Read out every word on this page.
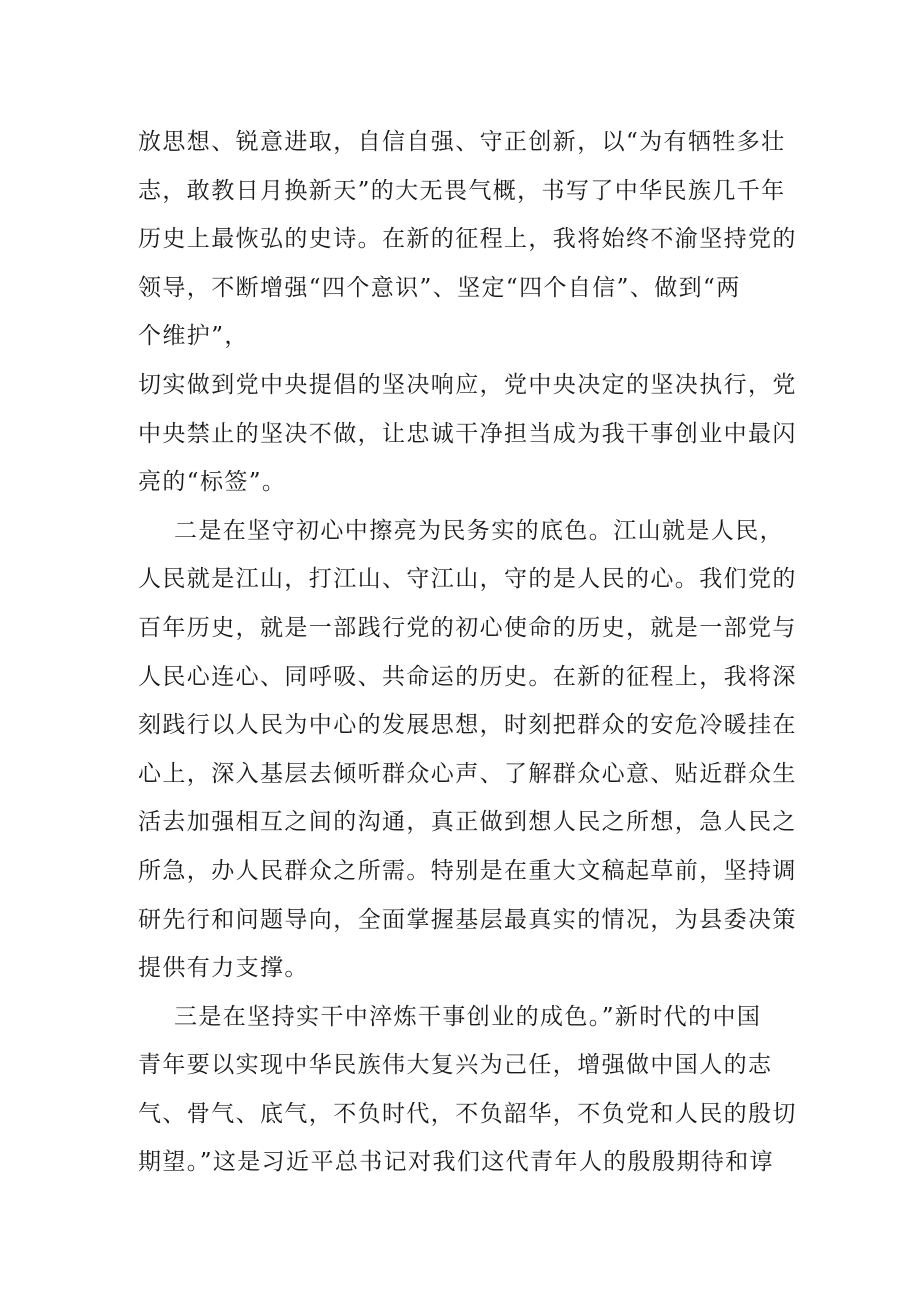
放思想、锐意进取，自信自强、守正创新，以“为有牺牲多壮
志，敢教日月换新天”的大无畏气概，书写了中华民族几千年
历史上最恢弘的史诗。在新的征程上，我将始终不渝坚持党的
领导，不断增强“四个意识”、坚定“四个自信”、做到“两
个维护”，
切实做到党中央提倡的坚决响应，党中央决定的坚决执行，党
中央禁止的坚决不做，让忠诚干净担当成为我干事创业中最闪
亮的“标签”。
二是在坚守初心中擦亮为民务实的底色。江山就是人民，
人民就是江山，打江山、守江山，守的是人民的心。我们党的
百年历史，就是一部践行党的初心使命的历史，就是一部党与
人民心连心、同呼吸、共命运的历史。在新的征程上，我将深
刻践行以人民为中心的发展思想，时刻把群众的安危冷暖挂在
心上，深入基层去倾听群众心声、了解群众心意、贴近群众生
活去加强相互之间的沟通，真正做到想人民之所想，急人民之
所急，办人民群众之所需。特别是在重大文稿起草前，坚持调
研先行和问题导向，全面掌握基层最真实的情况，为县委决策
提供有力支撑。
三是在坚持实干中淬炼干事创业的成色。”新时代的中国
青年要以实现中华民族伟大复兴为己任，增强做中国人的志
气、骨气、底气，不负时代，不负韶华，不负党和人民的殷切
期望。”这是习近平总书记对我们这代青年人的殷殷期待和谆
